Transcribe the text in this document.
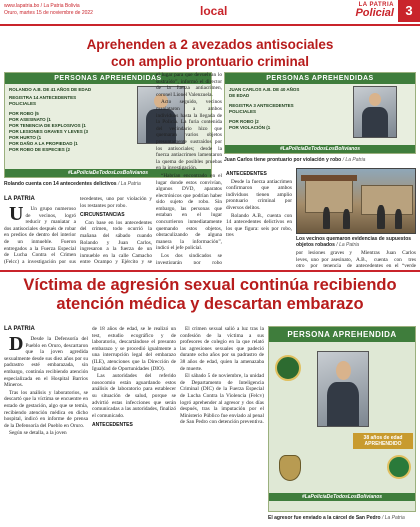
www.lapatria.bo / La Patria Bolivia
Oruro, martes 15 de noviembre de 2022	local	LA PATRIA
Policial 3
Aprehenden a 2 avezados antisociales
con amplio prontuario criminal
PERSONAS APREHENDIDAS
ROLANDO A.B. DE 41 AÑOS DE EDAD
REGISTRA 14 ANTECEDENTES
POLICIALES
POR ROBO (5
POR ASESINATO (1
POR TENENCIA DE EXPLOSIVOS (1
POR LESIONES GRAVES Y LEVES (3
POR HURTO (1
POR DAÑO A LA PROPIEDAD (1
POR ROBO DE ESPECIES (2
#LaPolicíaDeTodosLosBolivianos
Rolando cuenta con 14 antecedentes delictivos / La Patria
PERSONAS APREHENDIDAS
JUAN CARLOS A.B. DE 40 AÑOS
DE EDAD
REGISTRA 3 ANTECEDENTES
POLICIALES
POR ROBO (2
POR VIOLACIÓN (1
#LaPolicíaDeTodosLosBolivianos
Juan Carlos tiene prontuario por violación y robo / La Patria
LA PATRIA

U Un grupo numeroso de vecinos, logró reducir y maniatar a dos antisociales después de robar en predios de dentro del interior de un inmueble. Fueron entregados a la Fuerza Especial de Lucha Contra el Crimen (Felcc) a investigación por sus

tecedentes, uno por violación y los restantes por robo.

CIRCUNSTANCIAS

Con base en los antecedentes del crimen, todo ocurrió la mañana del sábado cuando Rolando y Juan Carlos, ingresaron a la fuerza de un inmueble en la calle Camacho entre Ocampo y Ejército y se

el lugar para que devuelvan lo sustraído”, informó el director de la fuerza antiacrimen, coronel Lionel Valenzuela.

Acto seguido, vecinos maniataron a ambos individuos hasta la llegada de la Policía. La furia contenida del vecindario hizo que quemaran varios objetos presuntamente sustraídos por los antisociales; desde la fuerza antiacrimen lamentaron la quema de posibles pruebas en la investigación.

“Habrían encontrado en el lugar donde estos convivían, algunos DVD, aparatos electrónicos que podrían haber sido sujeto de robo. Sin embargo, las personas que estaban en el lugar concurrieron inmediatamente quemando estos objetos, obstaculizando de alguna manera la información”, indicó el jefe policial.

Los dos sindicados se investigarán por robo

ANTECEDENTES

Desde la fuerza antiacrimen confirmaron que ambos individuos tienen amplio prontuario criminal por diversos delitos.

Rolando A.B., cuenta con 14 antecedentes delictivos en los que figura: seis por robo, tres

Los vecinos quemaron evidencias de supuestos objetos robados / La Patria

por lesiones graves y leves, uno por asesinato, otro por tenencia de

Mientras Juan Carlos A.B., cuenta con tres antecedentes en el “verde

Víctima de agresión sexual continúa recibiendo
atención médica y descartan embarazo
LA PATRIA

D Desde la Defensoría del Pueblo en Oruro, descartaron que la joven agredida sexualmente desde sus diez años por su padrastro esté embarazada, sin embargo, continúa recibiendo atención especializada en el Hospital Barrios Mineros.

Tras los análisis y laboratorios, se descartó que la víctima se encuentre en estado de gestación, algo que se temía, recibiendo atención médica en dicho hospital, indicó en informe de prensa de la Defensoría del Pueblo en Oruro.

Según se detalla, a la joven

de 18 años de edad, se le realizó un test, estudio ecográfico y de laboratorio, descartándose el presunto embarazo y se procedió igualmente a una interrupción legal del embarazo (ILE), atenciones que la Dirección de Igualdad de Oportunidades (DIO).

Las autoridades del referido nosocomio están aguardando estos análisis de laboratorio para establecer su situación de salud, porque se advirtió estas infecciones que serán comunicadas a las autoridades, finalizó el comunicado.

ANTECEDENTES

El crimen sexual salió a luz tras la confesión de la víctima a sus profesores de colegio en la que relató las agresiones sexuales que padeció durante ocho años por su padrastro de 38 años de edad, quien la amenazaba de muerte.

El sábado 5 de noviembre, la unidad de Departamento de Inteligencia Criminal (DIC) de la Fuerza Especial de Lucha Contra la Violencia (Felcv) logró aprehender al agresor y dos días después, tras la imputación por el Ministerio Público fue enviado al penal de San Pedro con detención preventiva.

PERSONA APREHENDIDA
38 años de edad
APREHENDIDO
#LaPolicíaDeTodosLosBolivianos
El agresor fue enviado a la cárcel de San Pedro / La Patria
